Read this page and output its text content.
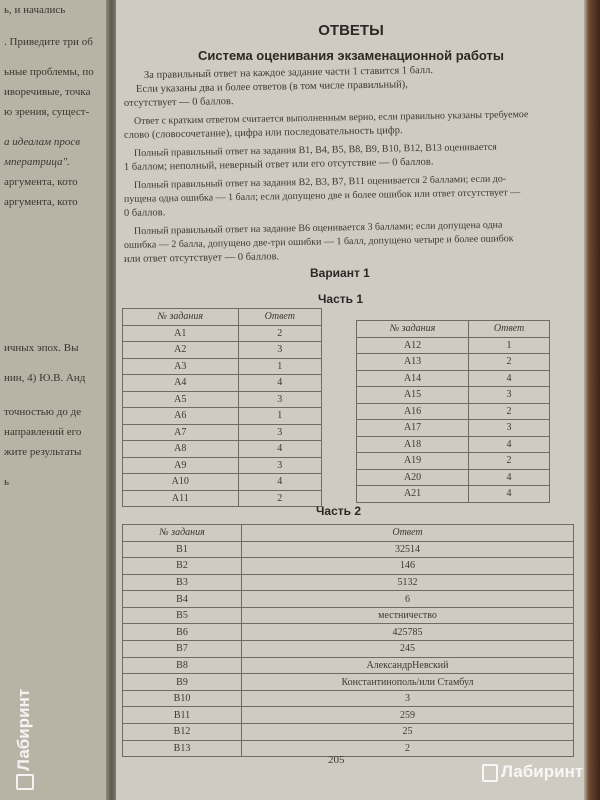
ь, и начались
. Приведите три об
ьные проблемы, по
иворечивые, точка
ю зрения, сущест-
а идеалам просв
мператрица".
аргумента, кото
аргумента, кото
ичных эпох. Вы
нин, 4) Ю.В. Анд
точностью до де
направлений его
жите результаты
ь
ОТВЕТЫ
Система оценивания экзаменационной работы
За правильный ответ на каждое задание части 1 ставится 1 балл.
Если указаны два и более ответов (в том числе правильный),
отсутствует — 0 баллов.
Ответ с кратким ответом считается выполненным верно, если правильно указаны требуемое
слово (словосочетание), цифра или последовательность цифр.
Полный правильный ответ на задания В1, В4, В5, В8, В9, В10, В12, В13 оценивается
1 баллом; неполный, неверный ответ или его отсутствие — 0 баллов.
Полный правильный ответ на задания В2, В3, В7, В11 оценивается 2 баллами; если до-
пущена одна ошибка — 1 балл; если допущено две и более ошибок или ответ отсутствует —
0 баллов.
Полный правильный ответ на задание В6 оценивается 3 баллами; если допущена одна
ошибка — 2 балла, допущено две-три ошибки — 1 балл, допущено четыре и более ошибок
или ответ отсутствует — 0 баллов.
Вариант 1
Часть 1
№ задания	Ответ
A1	2
A2	3
A3	1
A4	4
A5	3
A6	1
A7	3
A8	4
A9	3
A10	4
A11	2
№ задания	Ответ
A12	1
A13	2
A14	4
A15	3
A16	2
A17	3
A18	4
A19	2
A20	4
A21	4
Часть 2
№ задания	Ответ
B1	32514
B2	146
B3	5132
B4	6
B5	местничество
B6	425785
B7	245
B8	АлександрНевский
B9	Константинополь/или Стамбул
B10	3
B11	259
B12	25
B13	2
205
Лабиринт
Лабиринт
